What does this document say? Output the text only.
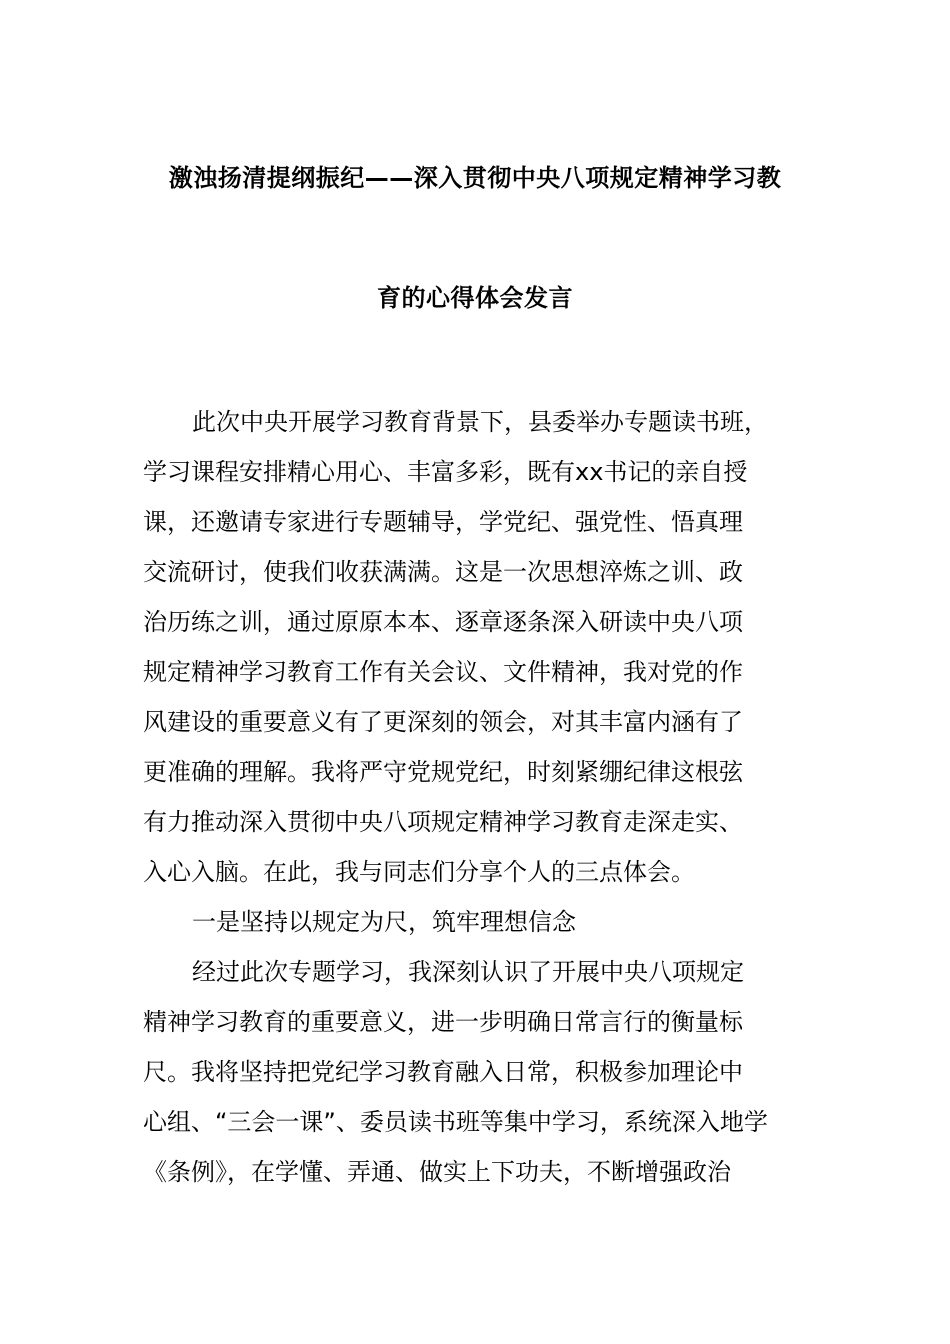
激浊扬清提纲振纪——深入贯彻中央八项规定精神学习教
育的心得体会发言
此次中央开展学习教育背景下，县委举办专题读书班，
学习课程安排精心用心、丰富多彩，既有xx书记的亲自授
课，还邀请专家进行专题辅导，学党纪、强党性、悟真理
交流研讨，使我们收获满满。这是一次思想淬炼之训、政
治历练之训，通过原原本本、逐章逐条深入研读中央八项
规定精神学习教育工作有关会议、文件精神，我对党的作
风建设的重要意义有了更深刻的领会，对其丰富内涵有了
更准确的理解。我将严守党规党纪，时刻紧绷纪律这根弦
有力推动深入贯彻中央八项规定精神学习教育走深走实、
入心入脑。在此，我与同志们分享个人的三点体会。
一是坚持以规定为尺，筑牢理想信念
经过此次专题学习，我深刻认识了开展中央八项规定
精神学习教育的重要意义，进一步明确日常言行的衡量标
尺。我将坚持把党纪学习教育融入日常，积极参加理论中
心组、“三会一课”、委员读书班等集中学习，系统深入地学
《条例》，在学懂、弄通、做实上下功夫，不断增强政治
